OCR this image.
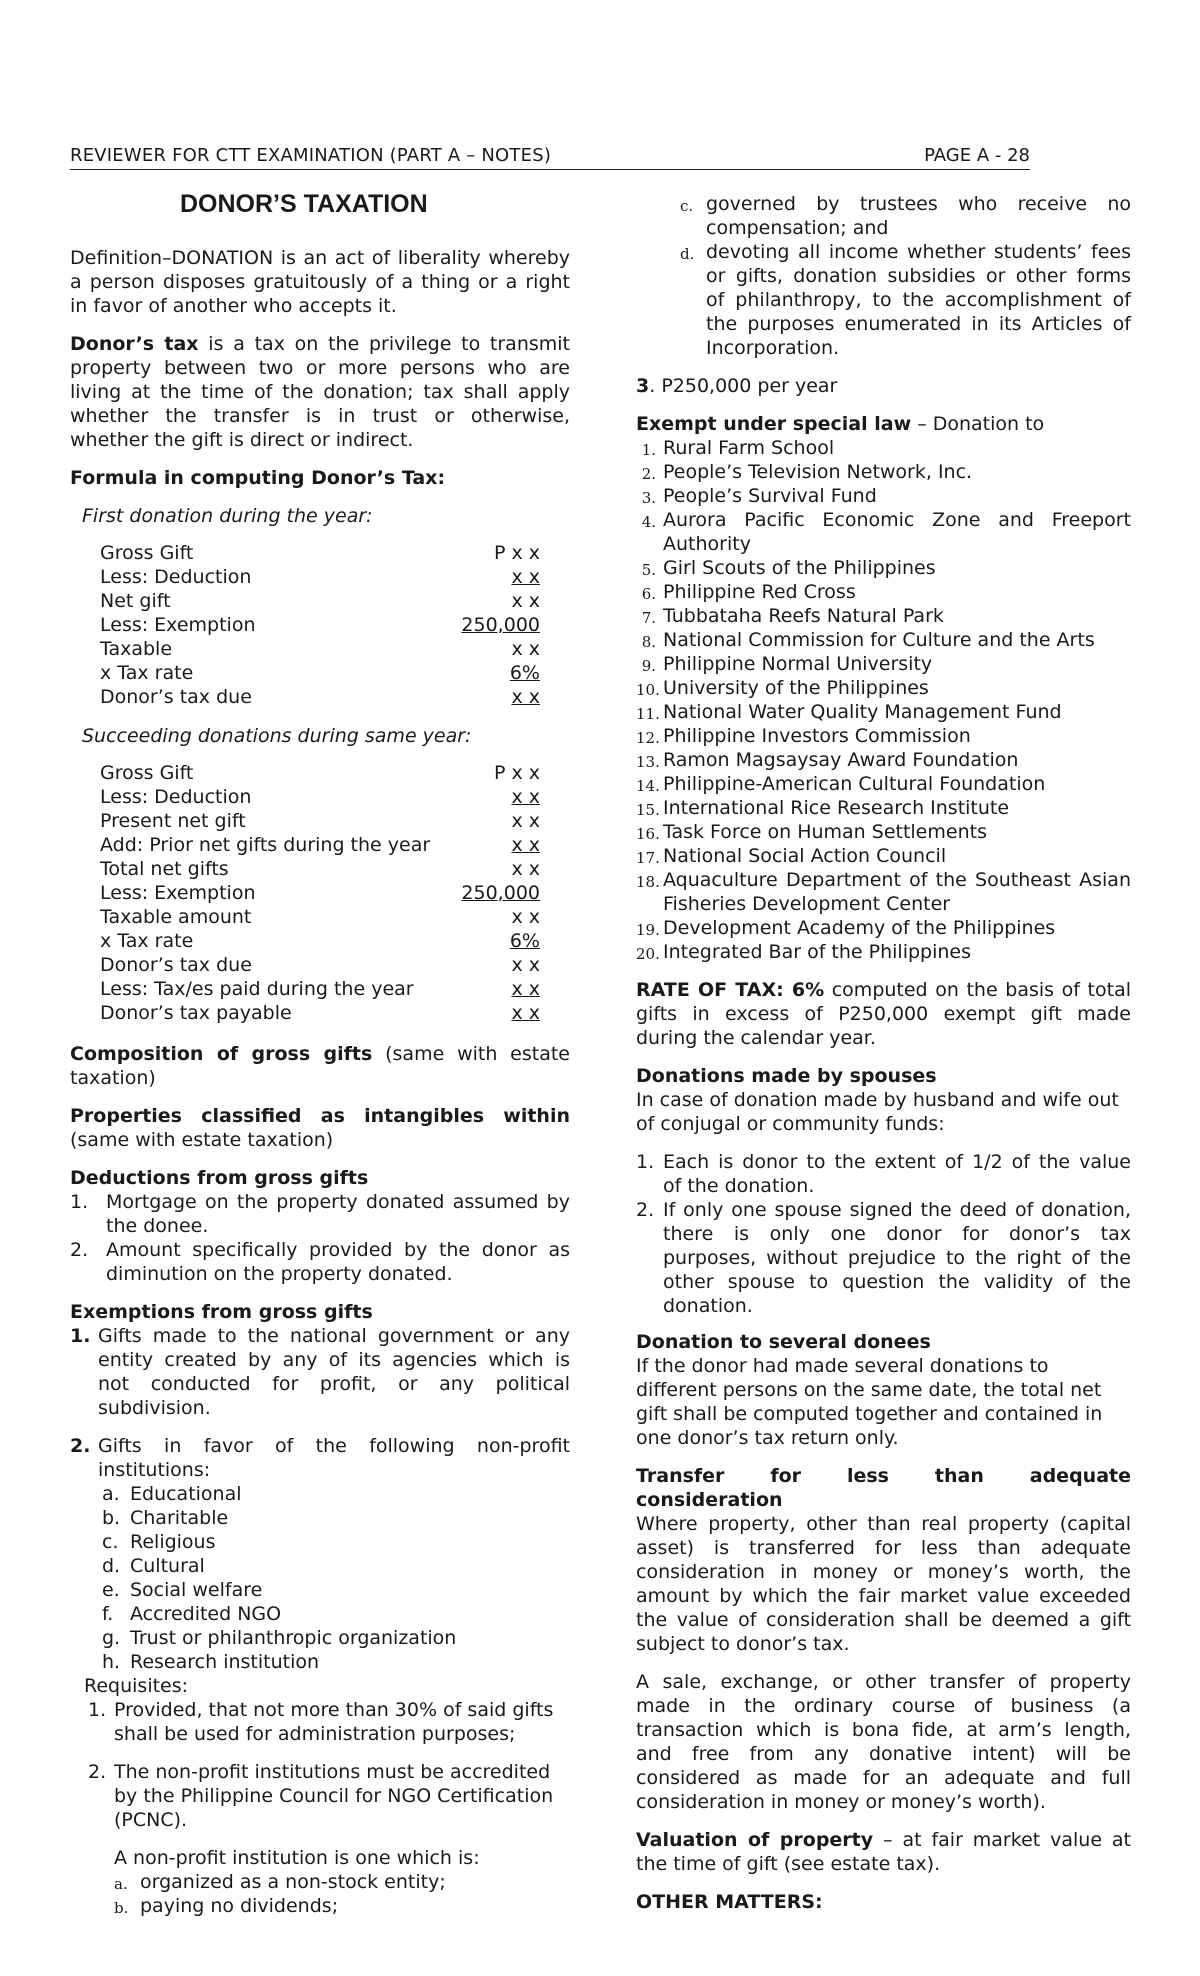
REVIEWER FOR CTT EXAMINATION (PART A – NOTES)	PAGE A - 28
DONOR’S TAXATION
Definition–DONATION is an act of liberality whereby
a person disposes gratuitously of a thing or a right
in favor of another who accepts it.
Donor’s tax is a tax on the privilege to transmit
property between two or more persons who are
living at the time of the donation; tax shall apply
whether the transfer is in trust or otherwise,
whether the gift is direct or indirect.
Formula in computing Donor’s Tax:
First donation during the year:
Gross Gift	P x x
Less: Deduction	x x
Net gift	x x
Less: Exemption	250,000
Taxable	x x
x Tax rate	6%
Donor’s tax due	x x
Succeeding donations during same year:
Gross Gift	P x x
Less: Deduction	x x
Present net gift	x x
Add: Prior net gifts during the year	x x
Total net gifts	x x
Less: Exemption	250,000
Taxable amount	x x
x Tax rate	6%
Donor’s tax due	x x
Less: Tax/es paid during the year	x x
Donor’s tax payable	x x
Composition of gross gifts (same with estate
taxation)
Properties classified as intangibles within
(same with estate taxation)
Deductions from gross gifts
1. Mortgage on the property donated assumed by
the donee.
2. Amount specifically provided by the donor as
diminution on the property donated.
Exemptions from gross gifts
1. Gifts made to the national government or any
entity created by any of its agencies which is
not conducted for profit, or any political
subdivision.
2. Gifts in favor of the following non-profit
institutions:
a. Educational
b. Charitable
c. Religious
d. Cultural
e. Social welfare
f. Accredited NGO
g. Trust or philanthropic organization
h. Research institution
Requisites:
1. Provided, that not more than 30% of said gifts
shall be used for administration purposes;
2. The non-profit institutions must be accredited
by the Philippine Council for NGO Certification
(PCNC).
A non-profit institution is one which is:
a. organized as a non-stock entity;
b. paying no dividends;
c. governed by trustees who receive no
compensation; and
d. devoting all income whether students’ fees
or gifts, donation subsidies or other forms
of philanthropy, to the accomplishment of
the purposes enumerated in its Articles of
Incorporation.
3. P250,000 per year
Exempt under special law – Donation to
1. Rural Farm School
2. People’s Television Network, Inc.
3. People’s Survival Fund
4. Aurora Pacific Economic Zone and Freeport
Authority
5. Girl Scouts of the Philippines
6. Philippine Red Cross
7. Tubbataha Reefs Natural Park
8. National Commission for Culture and the Arts
9. Philippine Normal University
10. University of the Philippines
11. National Water Quality Management Fund
12. Philippine Investors Commission
13. Ramon Magsaysay Award Foundation
14. Philippine-American Cultural Foundation
15. International Rice Research Institute
16. Task Force on Human Settlements
17. National Social Action Council
18. Aquaculture Department of the Southeast Asian
Fisheries Development Center
19. Development Academy of the Philippines
20. Integrated Bar of the Philippines
RATE OF TAX: 6% computed on the basis of total
gifts in excess of P250,000 exempt gift made
during the calendar year.
Donations made by spouses
In case of donation made by husband and wife out
of conjugal or community funds:
1. Each is donor to the extent of 1/2 of the value
of the donation.
2. If only one spouse signed the deed of donation,
there is only one donor for donor’s tax
purposes, without prejudice to the right of the
other spouse to question the validity of the
donation.
Donation to several donees
If the donor had made several donations to
different persons on the same date, the total net
gift shall be computed together and contained in
one donor’s tax return only.
Transfer for less than adequate
consideration
Where property, other than real property (capital
asset) is transferred for less than adequate
consideration in money or money’s worth, the
amount by which the fair market value exceeded
the value of consideration shall be deemed a gift
subject to donor’s tax.
A sale, exchange, or other transfer of property
made in the ordinary course of business (a
transaction which is bona fide, at arm’s length,
and free from any donative intent) will be
considered as made for an adequate and full
consideration in money or money’s worth).
Valuation of property – at fair market value at
the time of gift (see estate tax).
OTHER MATTERS:
